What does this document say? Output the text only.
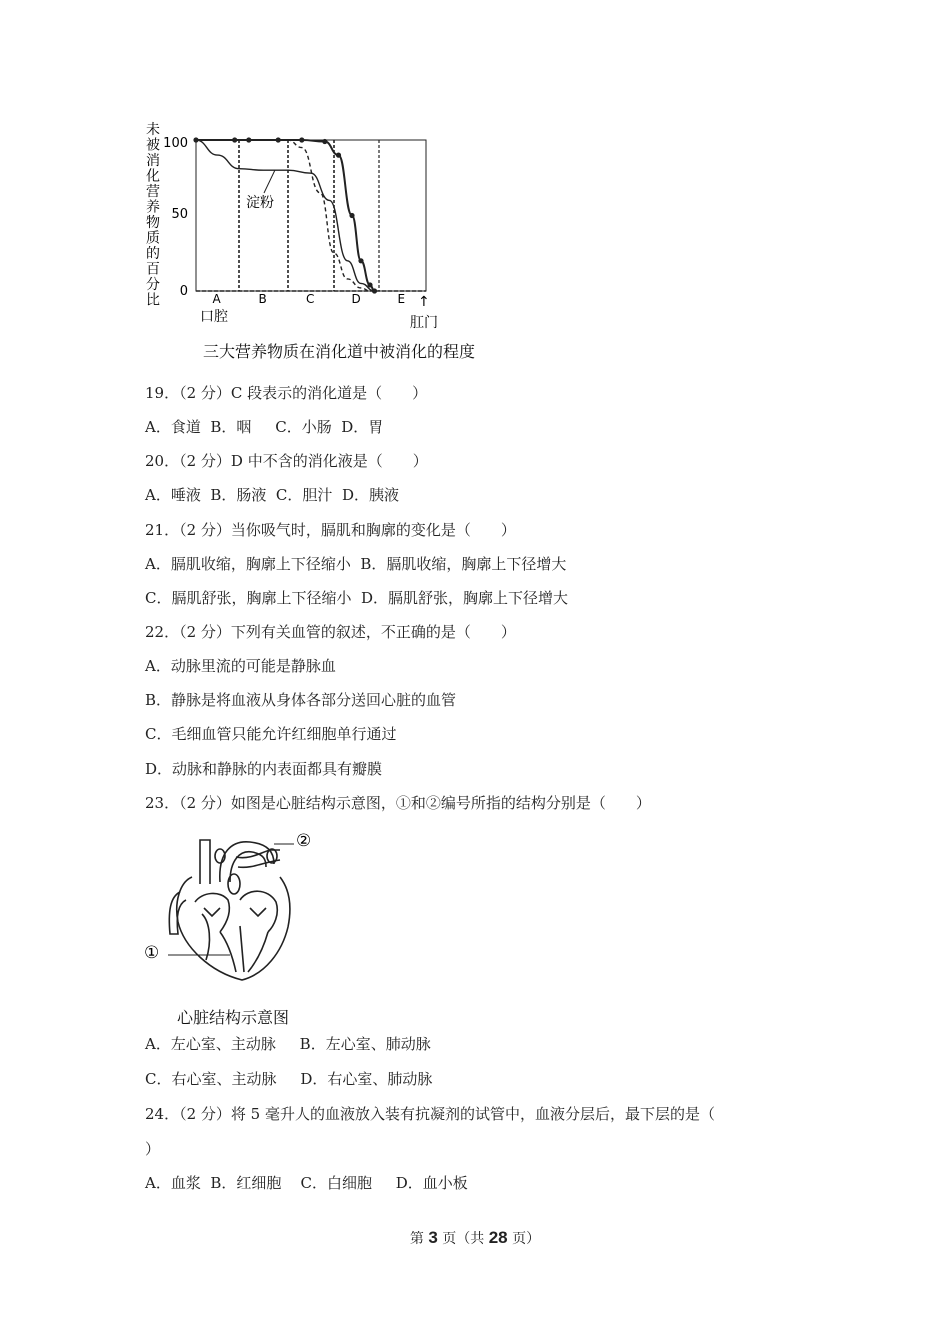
未
被
消
化
营
养
物
质
的
百
分
比
100
50
0
淀粉
A	B	C	D	E
口腔
↑
肛门
三大营养物质在消化道中被消化的程度
19．（2 分）C 段表示的消化道是（　　）
A．食道  B．咽     C．小肠  D．胃
20．（2 分）D 中不含的消化液是（　　）
A．唾液  B．肠液  C．胆汁  D．胰液
21．（2 分）当你吸气时，膈肌和胸廓的变化是（　　）
A．膈肌收缩，胸廓上下径缩小  B．膈肌收缩，胸廓上下径增大
C．膈肌舒张，胸廓上下径缩小  D．膈肌舒张，胸廓上下径增大
22．（2 分）下列有关血管的叙述，不正确的是（　　）
A．动脉里流的可能是静脉血
B．静脉是将血液从身体各部分送回心脏的血管
C．毛细血管只能允许红细胞单行通过
D．动脉和静脉的内表面都具有瓣膜
23．（2 分）如图是心脏结构示意图，①和②编号所指的结构分别是（　　）
②
①
心脏结构示意图
A．左心室、主动脉     B．左心室、肺动脉
C．右心室、主动脉     D．右心室、肺动脉
24．（2 分）将 5 毫升人的血液放入装有抗凝剂的试管中，血液分层后，最下层的是（
）
A．血浆  B．红细胞    C．白细胞     D．血小板
第 3 页（共 28 页）
